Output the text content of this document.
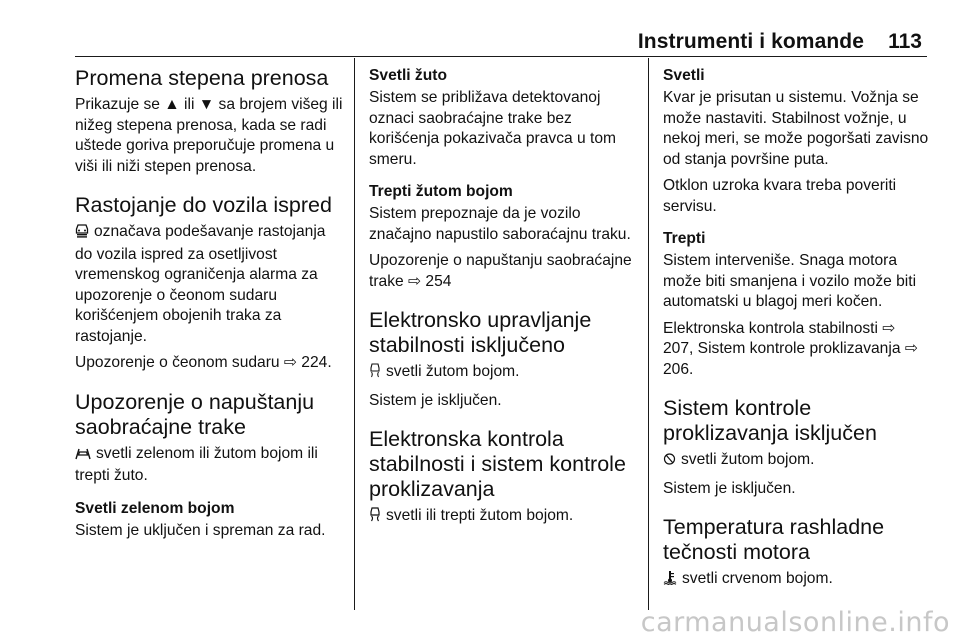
Instrumenti i komande 113
Promena stepena prenosa

Prikazuje se ▲ ili ▼ sa brojem višeg ili nižeg stepena prenosa, kada se radi uštede goriva preporučuje promena u viši ili niži stepen prenosa.

Rastojanje do vozila ispred

označava podešavanje rastojanja do vozila ispred za osetljivost vremenskog ograničenja alarma za upozorenje o čeonom sudaru korišćenjem obojenih traka za rastojanje.

Upozorenje o čeonom sudaru ⇨ 224.

Upozorenje o napuštanju saobraćajne trake

svetli zelenom ili žutom bojom ili trepti žuto.

Svetli zelenom bojom

Sistem je uključen i spreman za rad.

Svetli žuto

Sistem se približava detektovanoj oznaci saobraćajne trake bez korišćenja pokazivača pravca u tom smeru.

Trepti žutom bojom

Sistem prepoznaje da je vozilo značajno napustilo saboraćajnu traku.

Upozorenje o napuštanju saobraćajne trake ⇨ 254

Elektronsko upravljanje stabilnosti isključeno

svetli žutom bojom.

Sistem je isključen.

Elektronska kontrola stabilnosti i sistem kontrole proklizavanja

svetli ili trepti žutom bojom.

Svetli

Kvar je prisutan u sistemu. Vožnja se može nastaviti. Stabilnost vožnje, u nekoj meri, se može pogoršati zavisno od stanja površine puta.

Otklon uzroka kvara treba poveriti servisu.

Trepti

Sistem interveniše. Snaga motora može biti smanjena i vozilo može biti automatski u blagoj meri kočen.

Elektronska kontrola stabilnosti ⇨ 207, Sistem kontrole proklizavanja ⇨ 206.

Sistem kontrole proklizavanja isključen

svetli žutom bojom.

Sistem je isključen.

Temperatura rashladne tečnosti motora

svetli crvenom bojom.

carmanualsonline.info
